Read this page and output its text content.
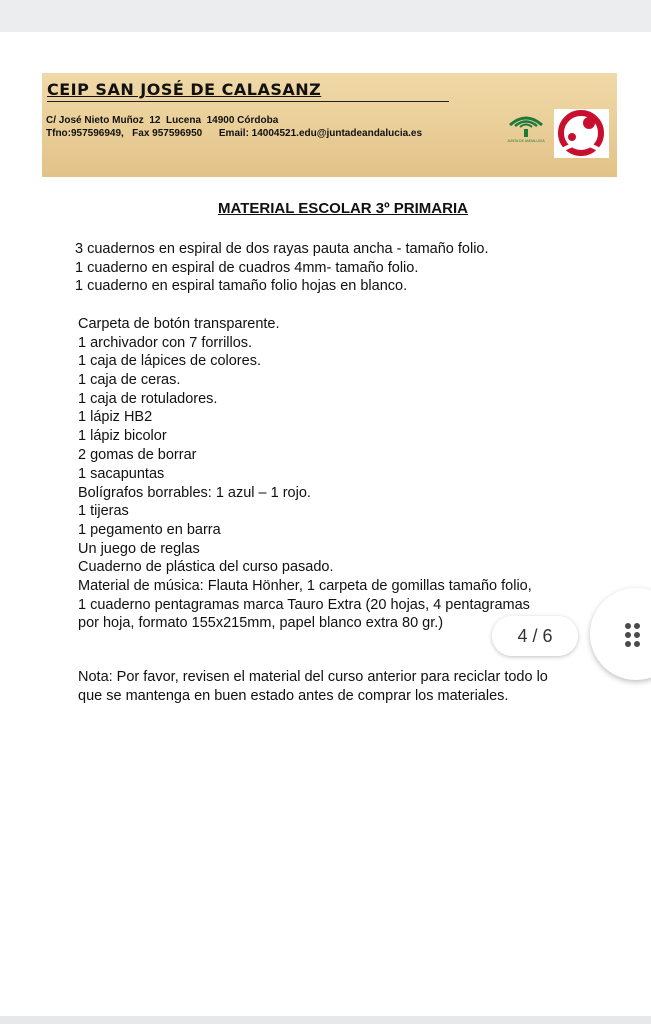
CEIP SAN JOSÉ DE CALASANZ
C/ José Nieto Muñoz  12  Lucena  14900 Córdoba
Tfno:957596949,   Fax 957596950      Email: 14004521.edu@juntadeandalucia.es
JUNTA DE ANDALUCIA
MATERIAL ESCOLAR 3º PRIMARIA
3 cuadernos en espiral de dos rayas pauta ancha - tamaño folio.
1 cuaderno en espiral de cuadros 4mm- tamaño folio.
1 cuaderno en espiral tamaño folio hojas en blanco.
Carpeta de botón transparente.
1 archivador con 7 forrillos.
1 caja de lápices de colores.
1 caja de ceras.
1 caja de rotuladores.
1 lápiz HB2
1 lápiz bicolor
2 gomas de borrar
1 sacapuntas
Bolígrafos borrables: 1 azul – 1 rojo.
1 tijeras
1 pegamento en barra
Un juego de reglas
Cuaderno de plástica del curso pasado.
Material de música: Flauta Hönher, 1 carpeta de gomillas tamaño folio,
1 cuaderno pentagramas marca Tauro Extra (20 hojas, 4 pentagramas
por hoja, formato 155x215mm, papel blanco extra 80 gr.)
Nota: Por favor, revisen el material del curso anterior para reciclar todo lo
que se mantenga en buen estado antes de comprar los materiales.
4 / 6
